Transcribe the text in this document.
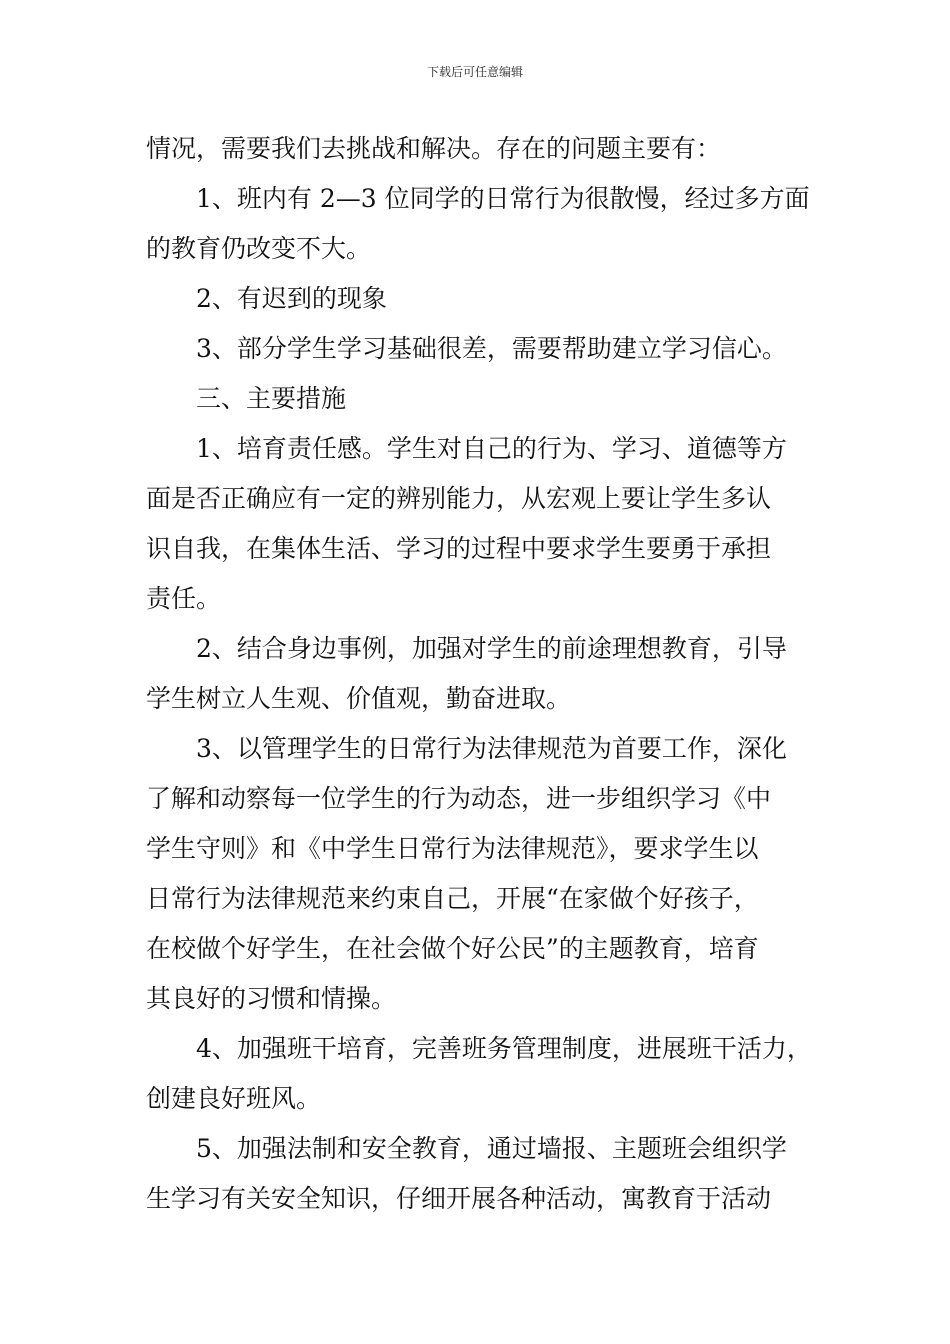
下载后可任意编辑

情况，需要我们去挑战和解决。存在的问题主要有：

1、班内有 2—3 位同学的日常行为很散慢，经过多方面

的教育仍改变不大。

2、有迟到的现象

3、部分学生学习基础很差，需要帮助建立学习信心。

三、主要措施

1、培育责任感。学生对自己的行为、学习、道德等方

面是否正确应有一定的辨别能力，从宏观上要让学生多认

识自我，在集体生活、学习的过程中要求学生要勇于承担

责任。

2、结合身边事例，加强对学生的前途理想教育，引导

学生树立人生观、价值观，勤奋进取。

3、以管理学生的日常行为法律规范为首要工作，深化

了解和动察每一位学生的行为动态，进一步组织学习《中

学生守则》和《中学生日常行为法律规范》，要求学生以

日常行为法律规范来约束自己，开展“在家做个好孩子，

在校做个好学生，在社会做个好公民”的主题教育，培育

其良好的习惯和情操。

4、加强班干培育，完善班务管理制度，进展班干活力，

创建良好班风。

5、加强法制和安全教育，通过墙报、主题班会组织学

生学习有关安全知识，仔细开展各种活动，寓教育于活动
